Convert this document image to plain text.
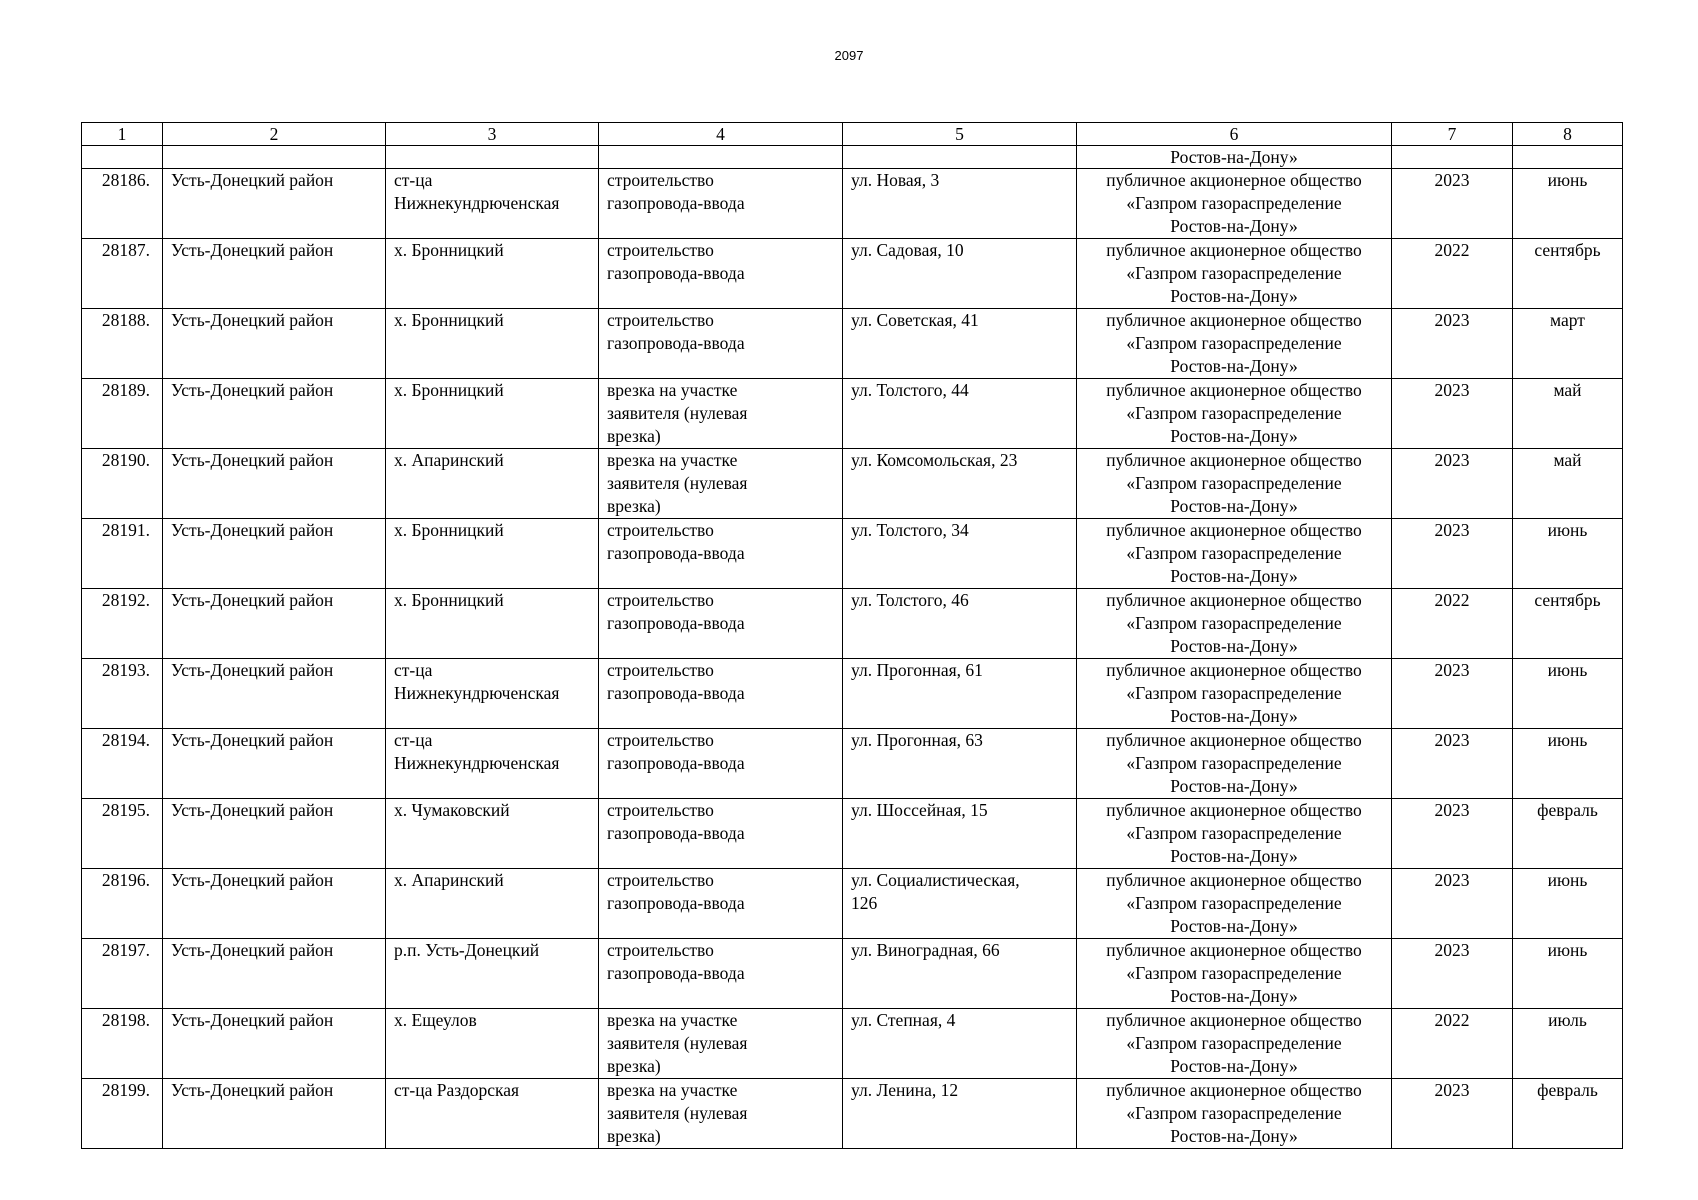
2097
1	2	3	4	5	6	7	8
					Ростов-на-Дону»		

28186.	Усть-Донецкий район	ст-ца
Нижнекундрюченская	строительство
газопровода-ввода	ул. Новая, 3	публичное акционерное общество
«Газпром газораспределение
Ростов-на-Дону»	2023	июнь

28187.	Усть-Донецкий район	х. Бронницкий	строительство
газопровода-ввода	ул. Садовая, 10	публичное акционерное общество
«Газпром газораспределение
Ростов-на-Дону»	2022	сентябрь

28188.	Усть-Донецкий район	х. Бронницкий	строительство
газопровода-ввода	ул. Советская, 41	публичное акционерное общество
«Газпром газораспределение
Ростов-на-Дону»	2023	март

28189.	Усть-Донецкий район	х. Бронницкий	врезка на участке
заявителя (нулевая
врезка)	ул. Толстого, 44	публичное акционерное общество
«Газпром газораспределение
Ростов-на-Дону»	2023	май

28190.	Усть-Донецкий район	х. Апаринский	врезка на участке
заявителя (нулевая
врезка)	ул. Комсомольская, 23	публичное акционерное общество
«Газпром газораспределение
Ростов-на-Дону»	2023	май

28191.	Усть-Донецкий район	х. Бронницкий	строительство
газопровода-ввода	ул. Толстого, 34	публичное акционерное общество
«Газпром газораспределение
Ростов-на-Дону»	2023	июнь

28192.	Усть-Донецкий район	х. Бронницкий	строительство
газопровода-ввода	ул. Толстого, 46	публичное акционерное общество
«Газпром газораспределение
Ростов-на-Дону»	2022	сентябрь

28193.	Усть-Донецкий район	ст-ца
Нижнекундрюченская	строительство
газопровода-ввода	ул. Прогонная, 61	публичное акционерное общество
«Газпром газораспределение
Ростов-на-Дону»	2023	июнь

28194.	Усть-Донецкий район	ст-ца
Нижнекундрюченская	строительство
газопровода-ввода	ул. Прогонная, 63	публичное акционерное общество
«Газпром газораспределение
Ростов-на-Дону»	2023	июнь

28195.	Усть-Донецкий район	х. Чумаковский	строительство
газопровода-ввода	ул. Шоссейная, 15	публичное акционерное общество
«Газпром газораспределение
Ростов-на-Дону»	2023	февраль

28196.	Усть-Донецкий район	х. Апаринский	строительство
газопровода-ввода	ул. Социалистическая,
126	публичное акционерное общество
«Газпром газораспределение
Ростов-на-Дону»	2023	июнь

28197.	Усть-Донецкий район	р.п. Усть-Донецкий	строительство
газопровода-ввода	ул. Виноградная, 66	публичное акционерное общество
«Газпром газораспределение
Ростов-на-Дону»	2023	июнь

28198.	Усть-Донецкий район	х. Ещеулов	врезка на участке
заявителя (нулевая
врезка)	ул. Степная, 4	публичное акционерное общество
«Газпром газораспределение
Ростов-на-Дону»	2022	июль

28199.	Усть-Донецкий район	ст-ца Раздорская	врезка на участке
заявителя (нулевая
врезка)	ул. Ленина, 12	публичное акционерное общество
«Газпром газораспределение
Ростов-на-Дону»	2023	февраль
